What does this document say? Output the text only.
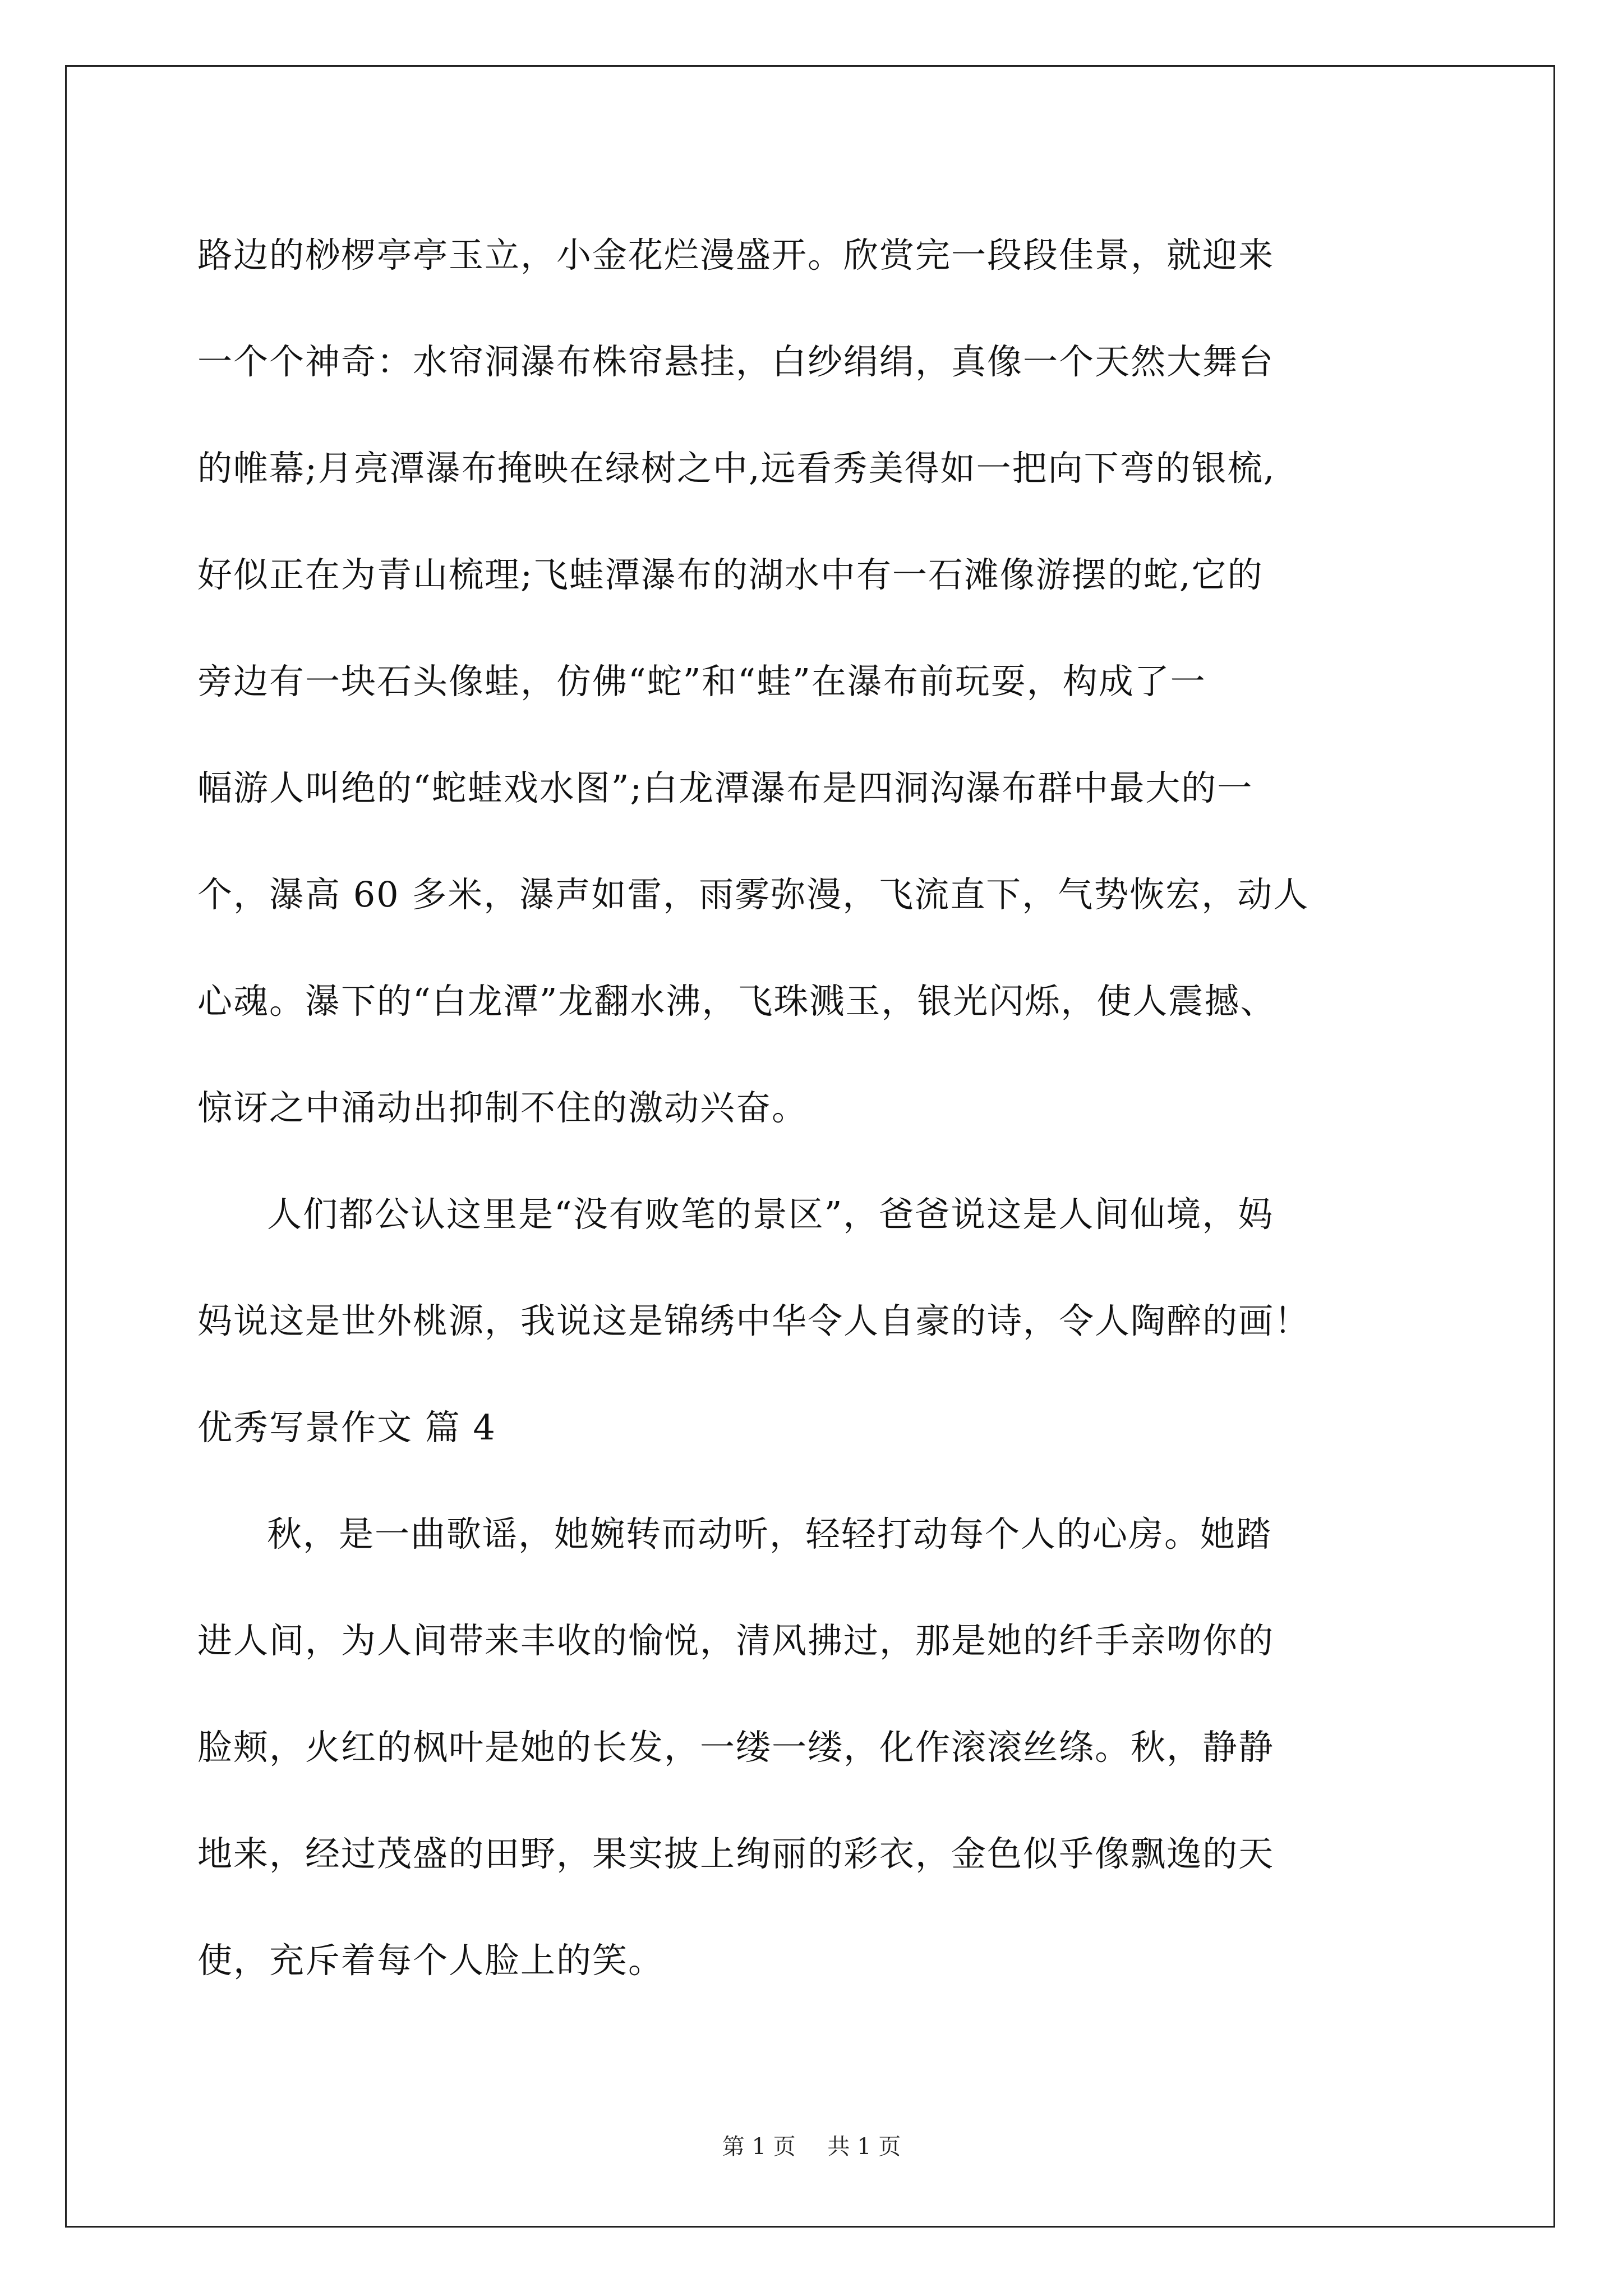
路边的桫椤亭亭玉立，小金花烂漫盛开。欣赏完一段段佳景，就迎来
一个个神奇：水帘洞瀑布株帘悬挂，白纱绢绢，真像一个天然大舞台
的帷幕;月亮潭瀑布掩映在绿树之中,远看秀美得如一把向下弯的银梳,
好似正在为青山梳理;飞蛙潭瀑布的湖水中有一石滩像游摆的蛇,它的
旁边有一块石头像蛙，仿佛“蛇”和“蛙”在瀑布前玩耍，构成了一
幅游人叫绝的“蛇蛙戏水图”;白龙潭瀑布是四洞沟瀑布群中最大的一
个，瀑高 60 多米，瀑声如雷，雨雾弥漫，飞流直下，气势恢宏，动人
心魂。瀑下的“白龙潭”龙翻水沸，飞珠溅玉，银光闪烁，使人震撼、
惊讶之中涌动出抑制不住的激动兴奋。
人们都公认这里是“没有败笔的景区”，爸爸说这是人间仙境，妈
妈说这是世外桃源，我说这是锦绣中华令人自豪的诗，令人陶醉的画！
优秀写景作文 篇 4
秋，是一曲歌谣，她婉转而动听，轻轻打动每个人的心房。她踏
进人间，为人间带来丰收的愉悦，清风拂过，那是她的纤手亲吻你的
脸颊，火红的枫叶是她的长发，一缕一缕，化作滚滚丝绦。秋，静静
地来，经过茂盛的田野，果实披上绚丽的彩衣，金色似乎像飘逸的天
使，充斥着每个人脸上的笑。
第 1 页 共 1 页
